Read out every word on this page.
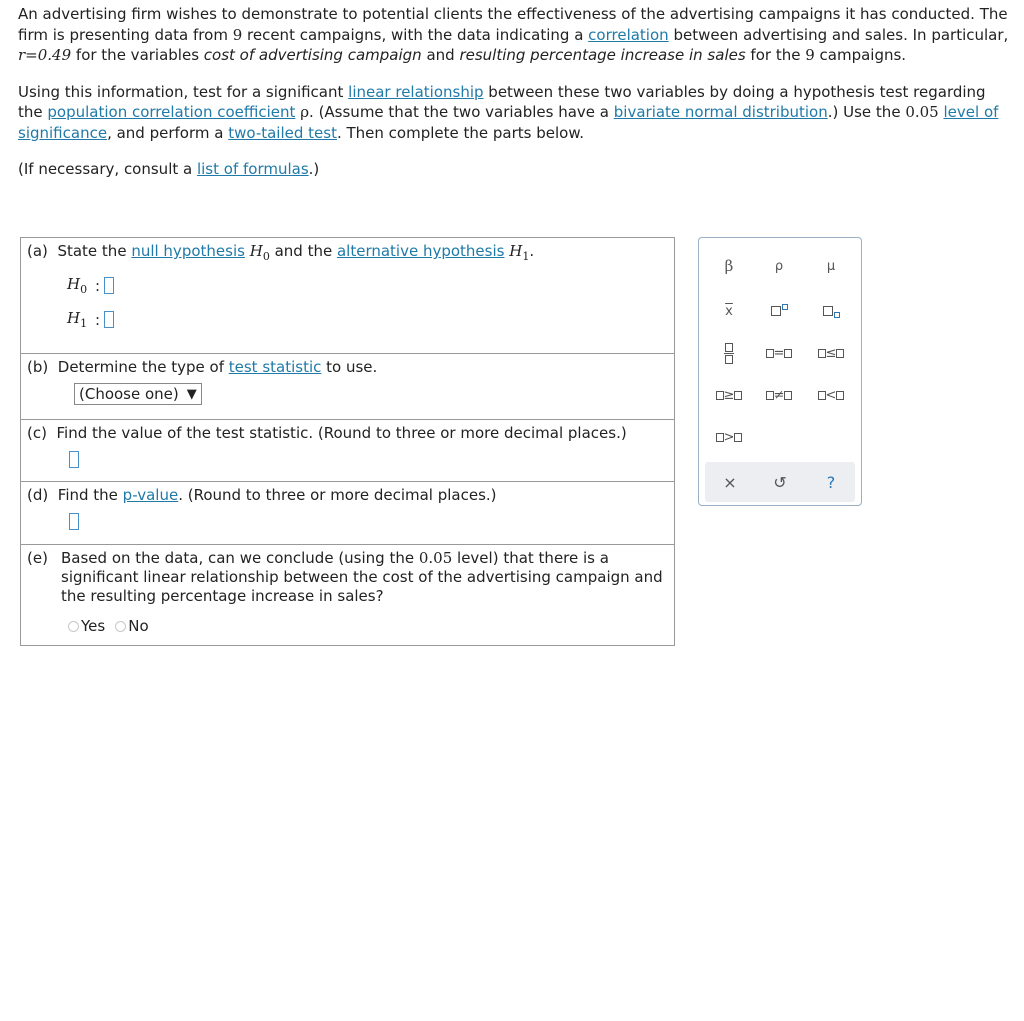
An advertising firm wishes to demonstrate to potential clients the effectiveness of the advertising campaigns it has conducted. The firm is presenting data from 9 recent campaigns, with the data indicating a correlation between advertising and sales. In particular, r=0.49 for the variables cost of advertising campaign and resulting percentage increase in sales for the 9 campaigns.

Using this information, test for a significant linear relationship between these two variables by doing a hypothesis test regarding the population correlation coefficient ρ. (Assume that the two variables have a bivariate normal distribution.) Use the 0.05 level of significance, and perform a two-tailed test. Then complete the parts below.

(If necessary, consult a list of formulas.)

(a) State the null hypothesis $H_0$ and the alternative hypothesis $H_1$.
$H_0$ :
$H_1$ :
(b) Determine the type of test statistic to use.
(Choose one) ▼
(c) Find the value of the test statistic. (Round to three or more decimal places.)
(d) Find the p-value. (Round to three or more decimal places.)
(e) Based on the data, can we conclude (using the 0.05 level) that there is a significant linear relationship between the cost of the advertising campaign and the resulting percentage increase in sales?
Yes No
β	ρ	μ
$\overline{x}$
=	≤
≥	≠	<
>
×	↺	?
